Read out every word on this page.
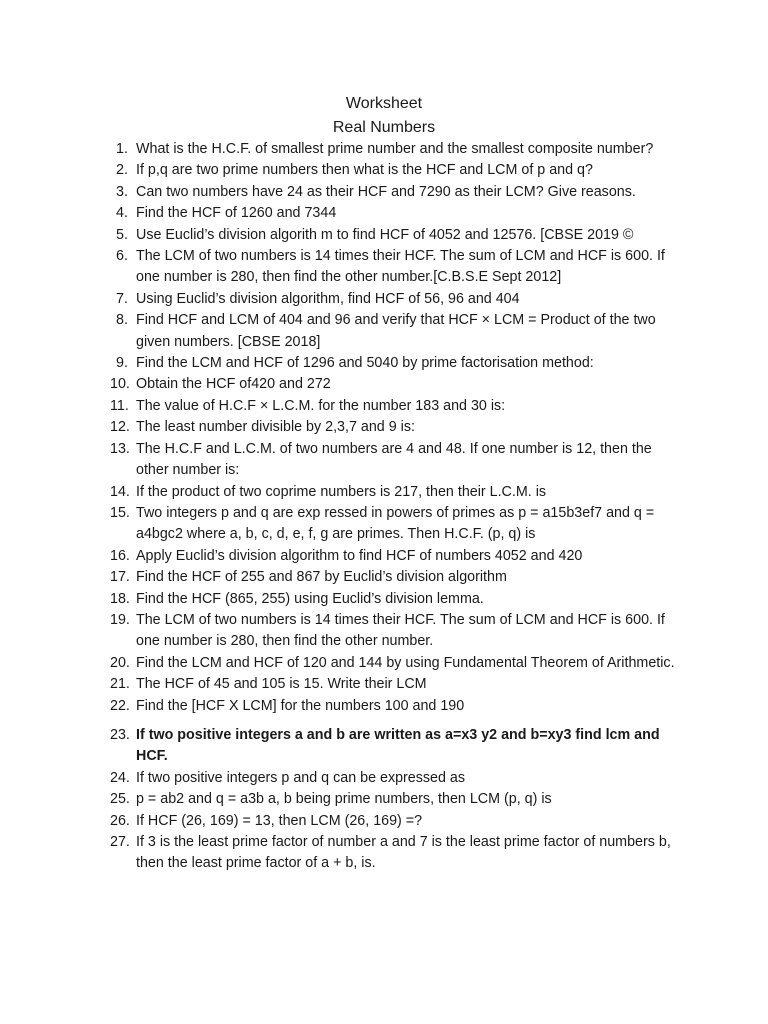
Worksheet
Real Numbers
1. What is the H.C.F. of smallest prime number and the smallest composite number?
2. If p,q are two prime numbers then what is the HCF and LCM of p and q?
3. Can two numbers have 24 as their HCF and 7290 as their LCM? Give reasons.
4. Find the HCF of 1260 and 7344
5. Use Euclid’s division algorith m to find HCF of 4052 and 12576. [CBSE 2019 ©
6. The LCM of two numbers is 14 times their HCF. The sum of LCM and HCF is 600. If one number is 280, then find the other number.[C.B.S.E Sept 2012]
7. Using Euclid’s division algorithm, find HCF of 56, 96 and 404
8. Find HCF and LCM of 404 and 96 and verify that HCF × LCM = Product of the two given numbers. [CBSE 2018]
9. Find the LCM and HCF of 1296 and 5040 by prime factorisation method:
10. Obtain the HCF of420 and 272
11. The value of H.C.F × L.C.M. for the number 183 and 30 is:
12. The least number divisible by 2,3,7 and 9 is:
13. The H.C.F and L.C.M. of two numbers are 4 and 48. If one number is 12, then the other number is:
14. If the product of two coprime numbers is 217, then their L.C.M. is
15. Two integers p and q are exp ressed in powers of primes as p = a15b3ef7 and q = a4bgc2 where a, b, c, d, e, f, g are primes. Then H.C.F. (p, q) is
16. Apply Euclid’s division algorithm to find HCF of numbers 4052 and 420
17. Find the HCF of 255 and 867 by Euclid’s division algorithm
18. Find the HCF (865, 255) using Euclid’s division lemma.
19. The LCM of two numbers is 14 times their HCF. The sum of LCM and HCF is 600. If one number is 280, then find the other number.
20. Find the LCM and HCF of 120 and 144 by using Fundamental Theorem of Arithmetic.
21. The HCF of 45 and 105 is 15. Write their LCM
22. Find the [HCF X LCM] for the numbers 100 and 190
23. If two positive integers a and b are written as a=x3 y2 and b=xy3 find lcm and HCF.
24. If two positive integers p and q can be expressed as
25. p = ab2 and q = a3b a, b being prime numbers, then LCM (p, q) is
26. If HCF (26, 169) = 13, then LCM (26, 169) =?
27. If 3 is the least prime factor of number a and 7 is the least prime factor of numbers b, then the least prime factor of a + b, is.
